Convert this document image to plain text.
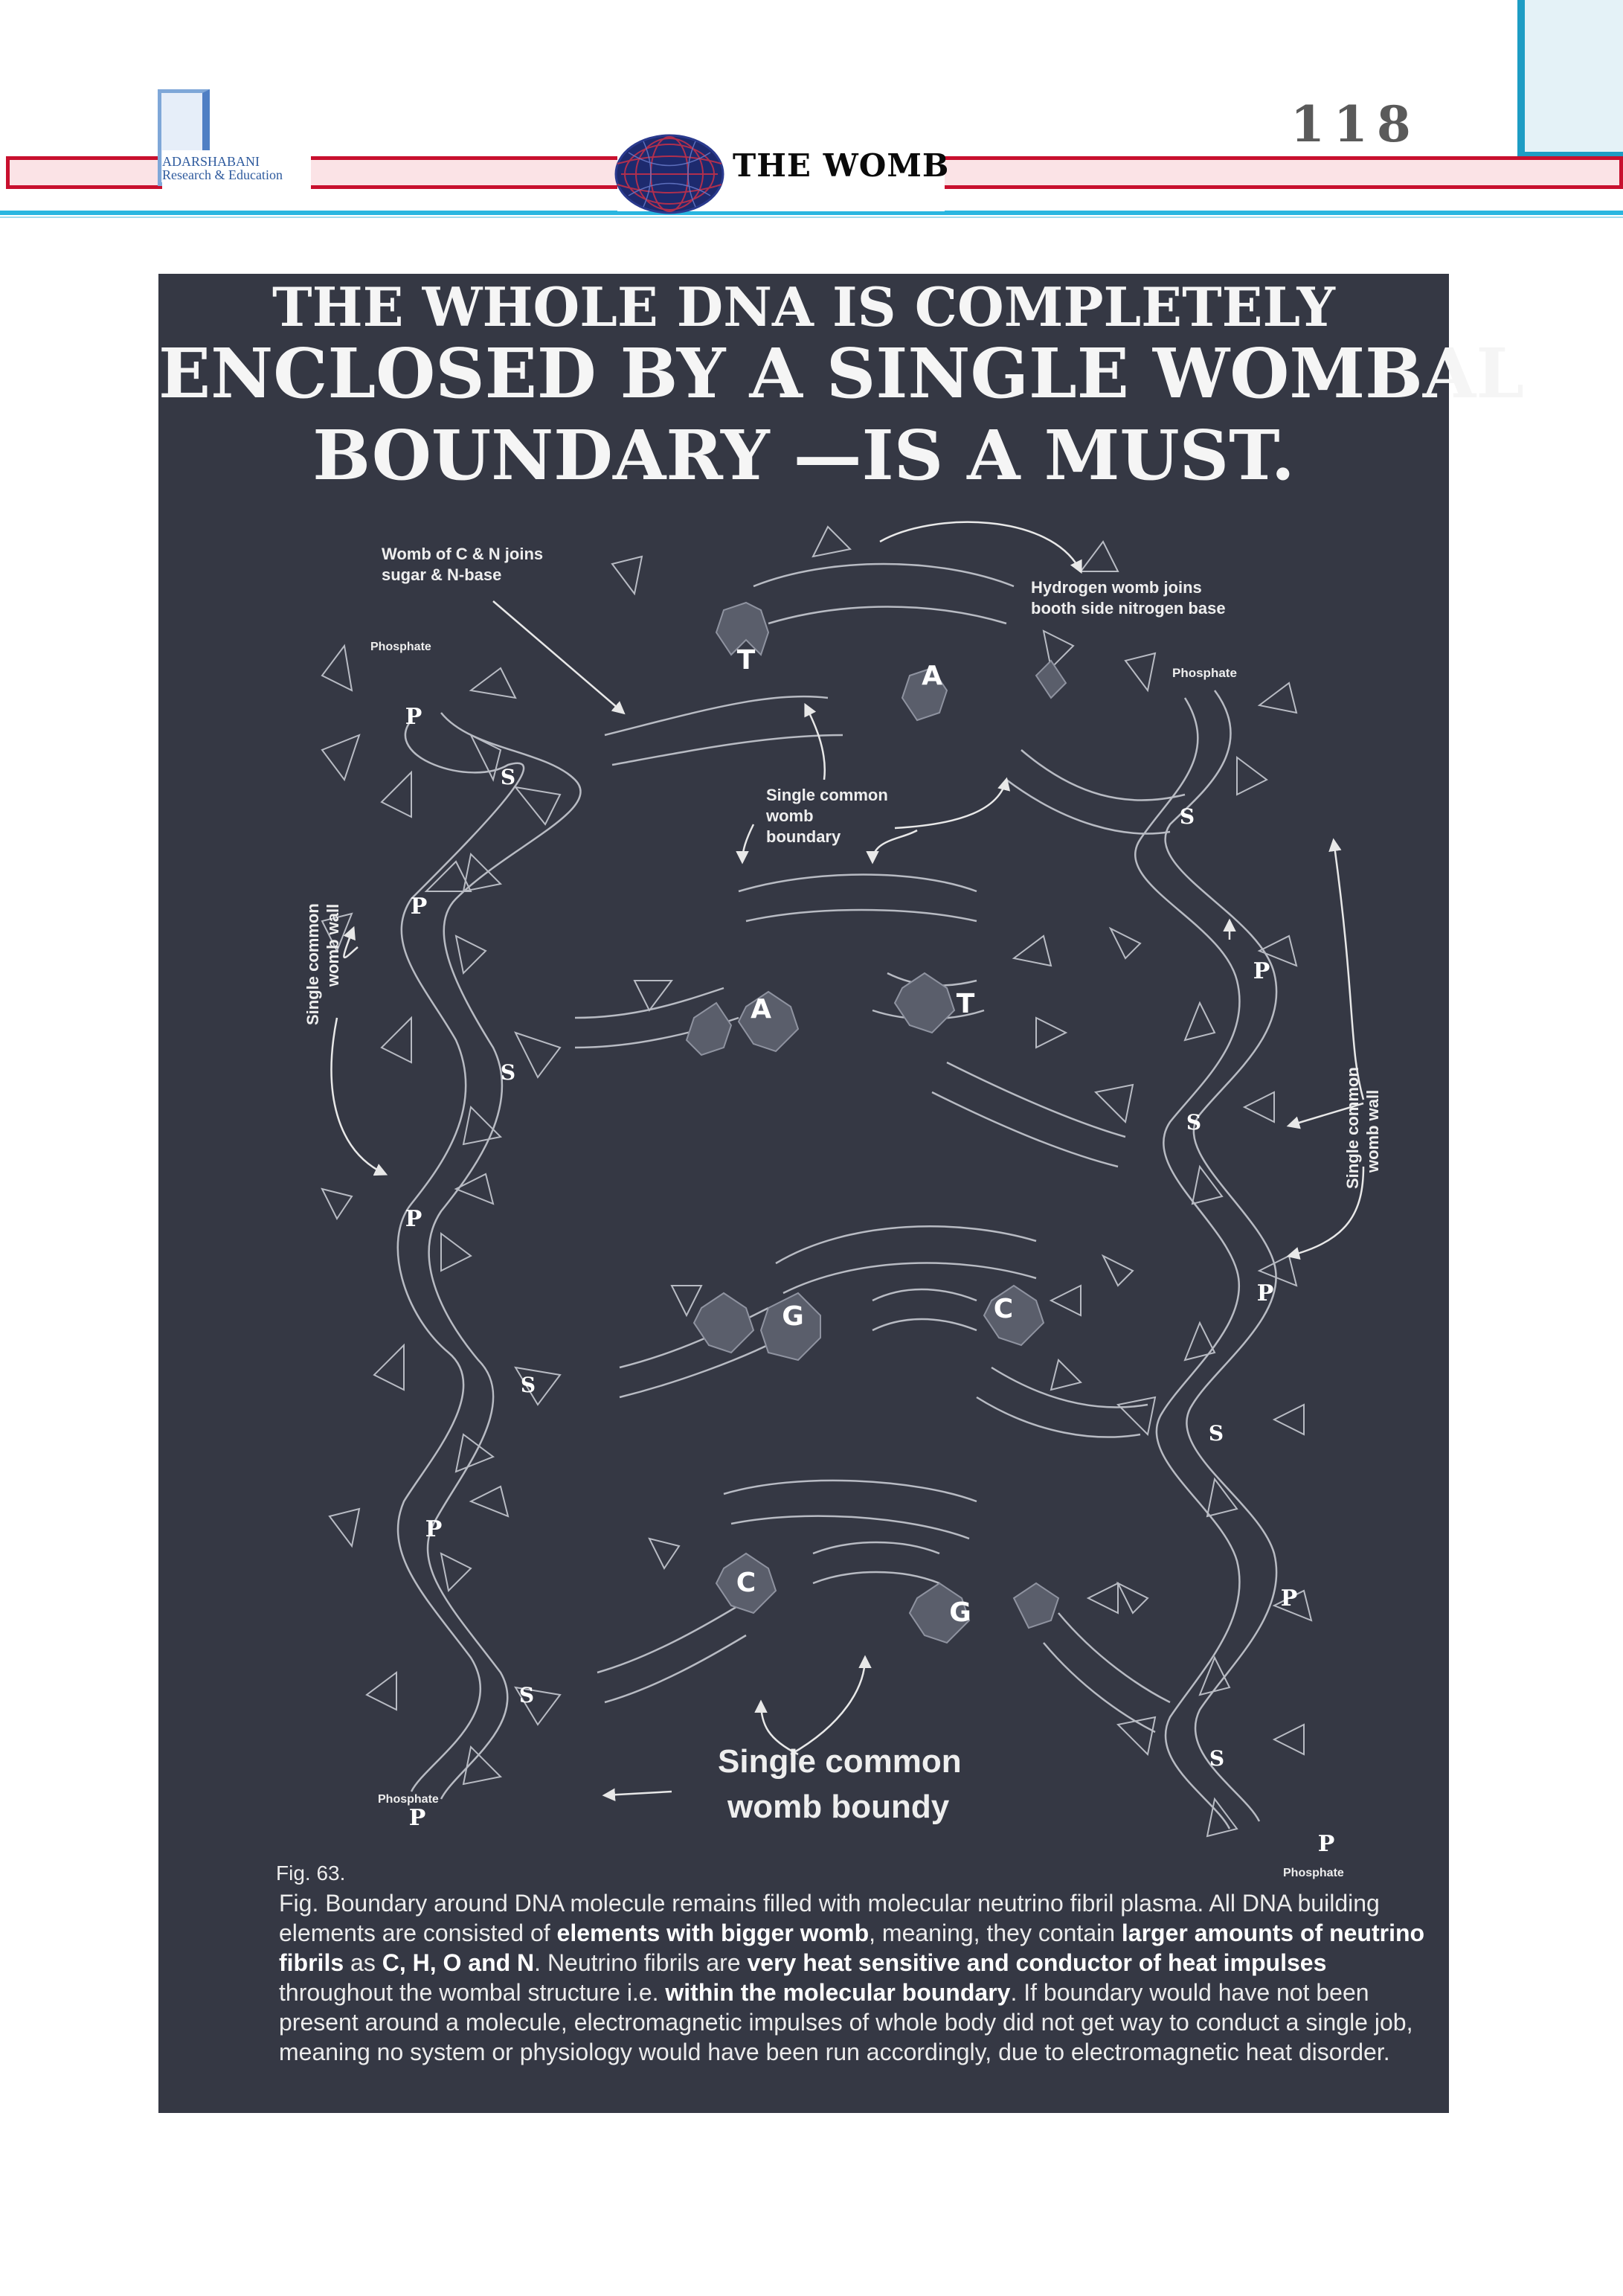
ADARSHABANI
Research & Education	THE WOMB
118
THE WHOLE DNA IS COMPLETELY
ENCLOSED BY A SINGLE WOMBAL
BOUNDARY —IS A MUST.
P
P
P
P
P
P
P
P
P
S
S
S
S
S
S
S
S
T
A
A	T
G	C
C
G
Womb of C & N joins
sugar & N-base
Hydrogen womb joins
booth side nitrogen base
Phosphate
Phosphate
Phosphate
Phosphate
Single common
womb
boundary
Single common womb wall
Single common womb wall
Single common
womb boundy
Fig. 63.
Fig. Boundary around DNA molecule remains filled with molecular neutrino fibril plasma. All DNA building elements are consisted of elements with bigger womb, meaning, they contain larger amounts of neutrino fibrils as C, H, O and N. Neutrino fibrils are very heat sensitive and conductor of heat impulses throughout the wombal structure i.e. within the molecular boundary. If boundary would have not been present around a molecule, electromagnetic impulses of whole body did not get way to conduct a single job, meaning no system or physiology would have been run accordingly, due to electromagnetic heat disorder.
